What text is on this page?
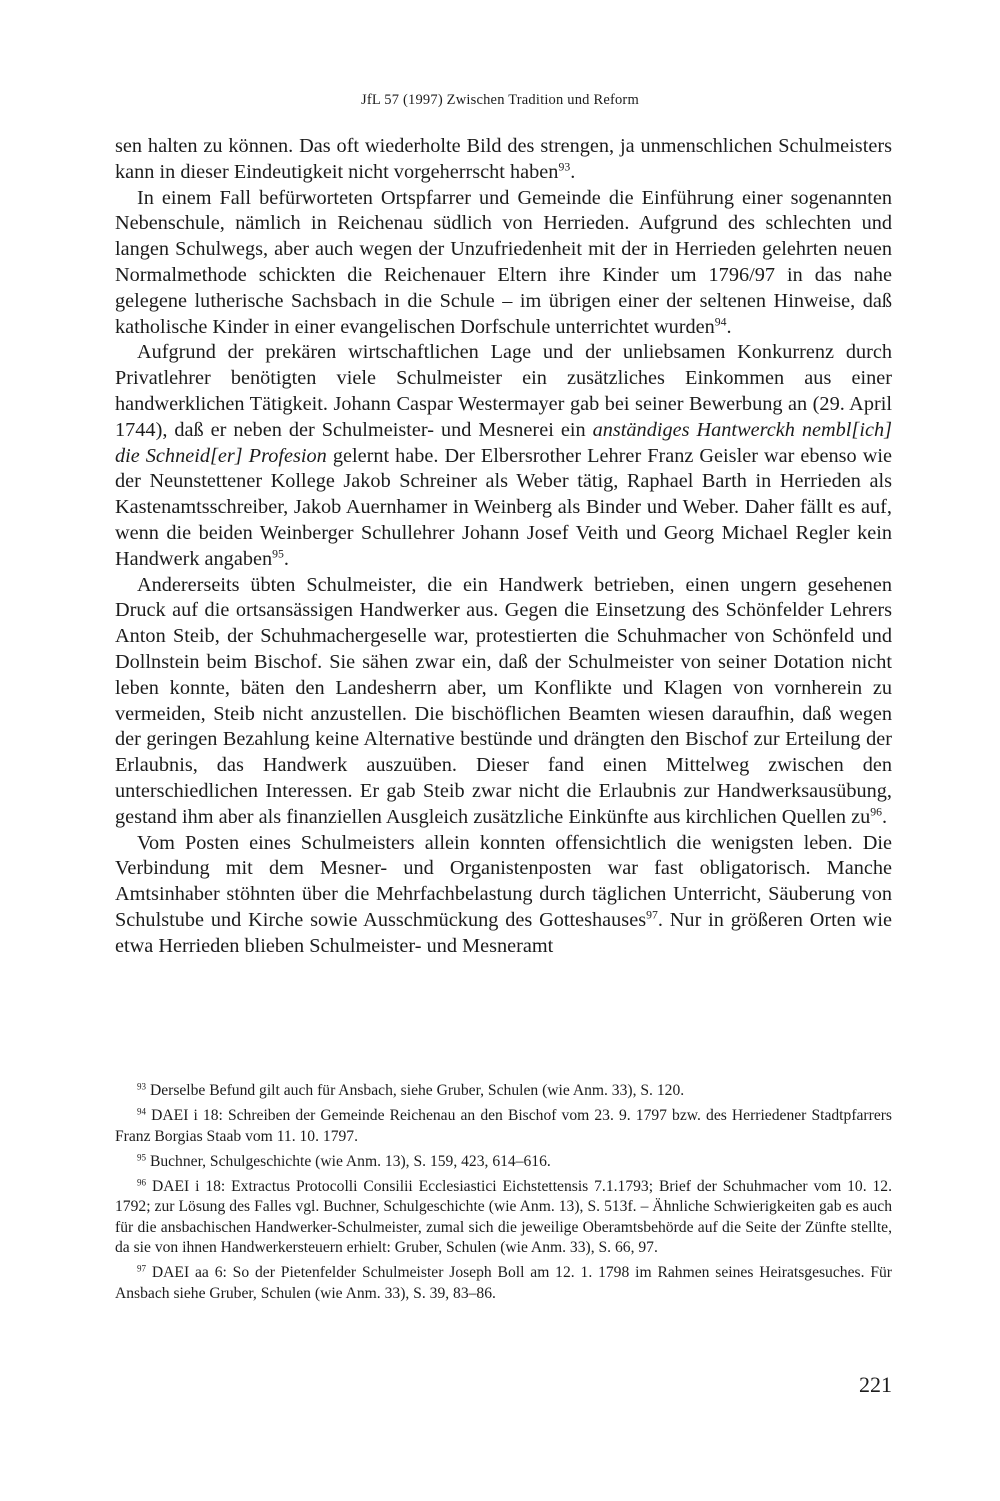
JfL 57 (1997) Zwischen Tradition und Reform

sen halten zu können. Das oft wiederholte Bild des strengen, ja unmenschlichen Schulmeisters kann in dieser Eindeutigkeit nicht vorgeherrscht haben$^{93}$.

In einem Fall befürworteten Ortspfarrer und Gemeinde die Einführung einer sogenannten Nebenschule, nämlich in Reichenau südlich von Herrieden. Aufgrund des schlechten und langen Schulwegs, aber auch wegen der Unzufriedenheit mit der in Herrieden gelehrten neuen Normalmethode schickten die Reichenauer Eltern ihre Kinder um 1796/97 in das nahe gelegene lutherische Sachsbach in die Schule – im übrigen einer der seltenen Hinweise, daß katholische Kinder in einer evangelischen Dorfschule unterrichtet wurden$^{94}$.

Aufgrund der prekären wirtschaftlichen Lage und der unliebsamen Konkurrenz durch Privatlehrer benötigten viele Schulmeister ein zusätzliches Einkommen aus einer handwerklichen Tätigkeit. Johann Caspar Westermayer gab bei seiner Bewerbung an (29. April 1744), daß er neben der Schulmeister- und Mesnerei ein anständiges Hantwerckh nembl[ich] die Schneid[er] Profesion gelernt habe. Der Elbersrother Lehrer Franz Geisler war ebenso wie der Neunstettener Kollege Jakob Schreiner als Weber tätig, Raphael Barth in Herrieden als Kastenamtsschreiber, Jakob Auernhamer in Weinberg als Binder und Weber. Daher fällt es auf, wenn die beiden Weinberger Schullehrer Johann Josef Veith und Georg Michael Regler kein Handwerk angaben$^{95}$.

Andererseits übten Schulmeister, die ein Handwerk betrieben, einen ungern gesehenen Druck auf die ortsansässigen Handwerker aus. Gegen die Einsetzung des Schönfelder Lehrers Anton Steib, der Schuhmachergeselle war, protestierten die Schuhmacher von Schönfeld und Dollnstein beim Bischof. Sie sähen zwar ein, daß der Schulmeister von seiner Dotation nicht leben konnte, bäten den Landesherrn aber, um Konflikte und Klagen von vornherein zu vermeiden, Steib nicht anzustellen. Die bischöflichen Beamten wiesen daraufhin, daß wegen der geringen Bezahlung keine Alternative bestünde und drängten den Bischof zur Erteilung der Erlaubnis, das Handwerk auszuüben. Dieser fand einen Mittelweg zwischen den unterschiedlichen Interessen. Er gab Steib zwar nicht die Erlaubnis zur Handwerksausübung, gestand ihm aber als finanziellen Ausgleich zusätzliche Einkünfte aus kirchlichen Quellen $zu^{96}$.

Vom Posten eines Schulmeisters allein konnten offensichtlich die wenigsten leben. Die Verbindung mit dem Mesner- und Organistenposten war fast obligatorisch. Manche Amtsinhaber stöhnten über die Mehrfachbelastung durch täglichen Unterricht, Säuberung von Schulstube und Kirche sowie Ausschmückung des Gotteshauses$^{97}$. Nur in größeren Orten wie etwa Herrieden blieben Schulmeister- und Mesneramt

$^{93}$ Derselbe Befund gilt auch für Ansbach, siehe Gruber, Schulen (wie Anm. 33), S. 120.

$^{94}$ DAEI i 18: Schreiben der Gemeinde Reichenau an den Bischof vom 23. 9. 1797 bzw. des Herriedener Stadtpfarrers Franz Borgias Staab vom 11. 10. 1797.

$^{95}$ Buchner, Schulgeschichte (wie Anm. 13), S. 159, 423, 614–616.

$^{96}$ DAEI i 18: Extractus Protocolli Consilii Ecclesiastici Eichstettensis 7.1.1793; Brief der Schuhmacher vom 10. 12. 1792; zur Lösung des Falles vgl. Buchner, Schulgeschichte (wie Anm. 13), S. 513f. – Ähnliche Schwierigkeiten gab es auch für die ansbachischen Handwerker-Schulmeister, zumal sich die jeweilige Oberamtsbehörde auf die Seite der Zünfte stellte, da sie von ihnen Handwerkersteuern erhielt: Gruber, Schulen (wie Anm. 33), S. 66, 97.

$^{97}$ DAEI aa 6: So der Pietenfelder Schulmeister Joseph Boll am 12. 1. 1798 im Rahmen seines Heiratsgesuches. Für Ansbach siehe Gruber, Schulen (wie Anm. 33), S. 39, 83–86.

221
